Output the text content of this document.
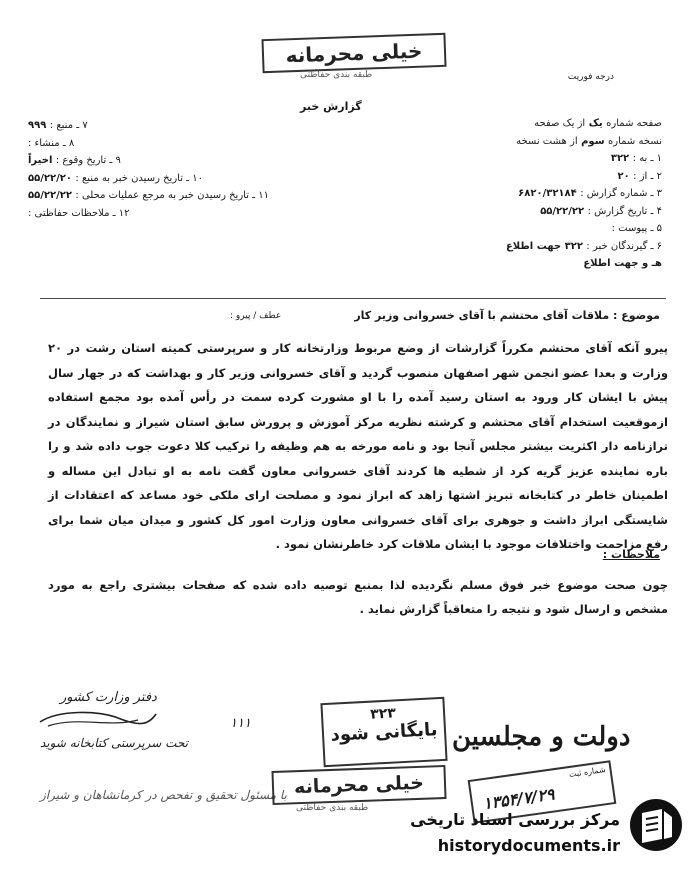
خیلی محرمانه
طبقه بندی حفاظتی	درجه فوریت
گزارش خبر
صفحه شماره یک از یک صفحه
نسخه شماره سوم از هشت نسخه
۱ ـ به : ۳۲۲
۲ ـ از : ۲۰
۳ ـ شماره گزارش : ۶۸۲۰/۳۲۱۸۴
۴ ـ تاریخ گزارش : ۵۵/۲۲/۲۲
۵ ـ پیوست :
۶ ـ گیرندگان خبر : ۳۲۲ جهت اطلاع
هـ و جهت اطلاع
۷ ـ منبع : ۹۹۹
۸ ـ منشاء :
۹ ـ تاریخ وقوع : اخیراً
۱۰ ـ تاریخ رسیدن خبر به منبع : ۵۵/۲۲/۲۰
۱۱ ـ تاریخ رسیدن خبر به مرجع عملیات محلی : ۵۵/۲۲/۲۲
۱۲ ـ ملاحظات حفاظتی :
موضوع : ملاقات آقای محتشم با آقای خسروانی وزیر کار
عطف / پیرو :
پیرو آنکه آقای محتشم مکرراً گزارشات از وضع مربوط وزارتخانه کار و سرپرستی کمیته استان رشت در ۲۰ وزارت و بعدا عضو انجمن شهر اصفهان منصوب گردید و آقای خسروانی وزیر کار و بهداشت که در جهار سال پیش با ایشان کار ورود به استان رسید آمده را با او مشورت کرده سمت در رأس آمده بود مجمع استفاده ازموقعیت استخدام آقای محتشم و کرشته نظریه مرکز آموزش و پرورش سابق استان شیراز و نمایندگان در ترازنامه دار اکثریت بیشتر مجلس آنجا بود و نامه مورخه به هم وظیفه را ترکیب کلا دعوت جوب داده شد و را باره نماینده عزیز گریه کرد از شطیه ها کردند آقای خسروانی معاون گفت نامه به او تبادل این مساله و اطمینان خاطر در کتابخانه تبریز اشتها زاهد که ابراز نمود و مصلحت ارای ملکی خود مساعد که اعتقادات از شایستگی ابراز داشت و جوهری برای آقای خسروانی معاون وزارت امور کل کشور و میدان میان شما برای رفع مزاحمت واختلافات موجود با ایشان ملاقات کرد خاطرنشان نمود .
ملاحظات :
چون صحت موضوع خبر فوق مسلم نگردیده لذا بمنبع توصیه داده شده که صفحات بیشتری راجع به مورد مشخص و ارسال شود و نتیجه را متعاقباً گزارش نماید .
دفتر وزارت کشور
۱۱۱
تحت سرپرستی کتابخانه شوید
با مسئول تحقیق و تفحص در کرمانشاهان و شیراز
۳۲۳
بایگانی شود
خیلی محرمانه
طبقه بندی حفاظتی
دولت و مجلسین
شماره ثبت
۱۳۵۴/۷/۲۹
مرکز بررسی اسناد تاریخی
historydocuments.ir
